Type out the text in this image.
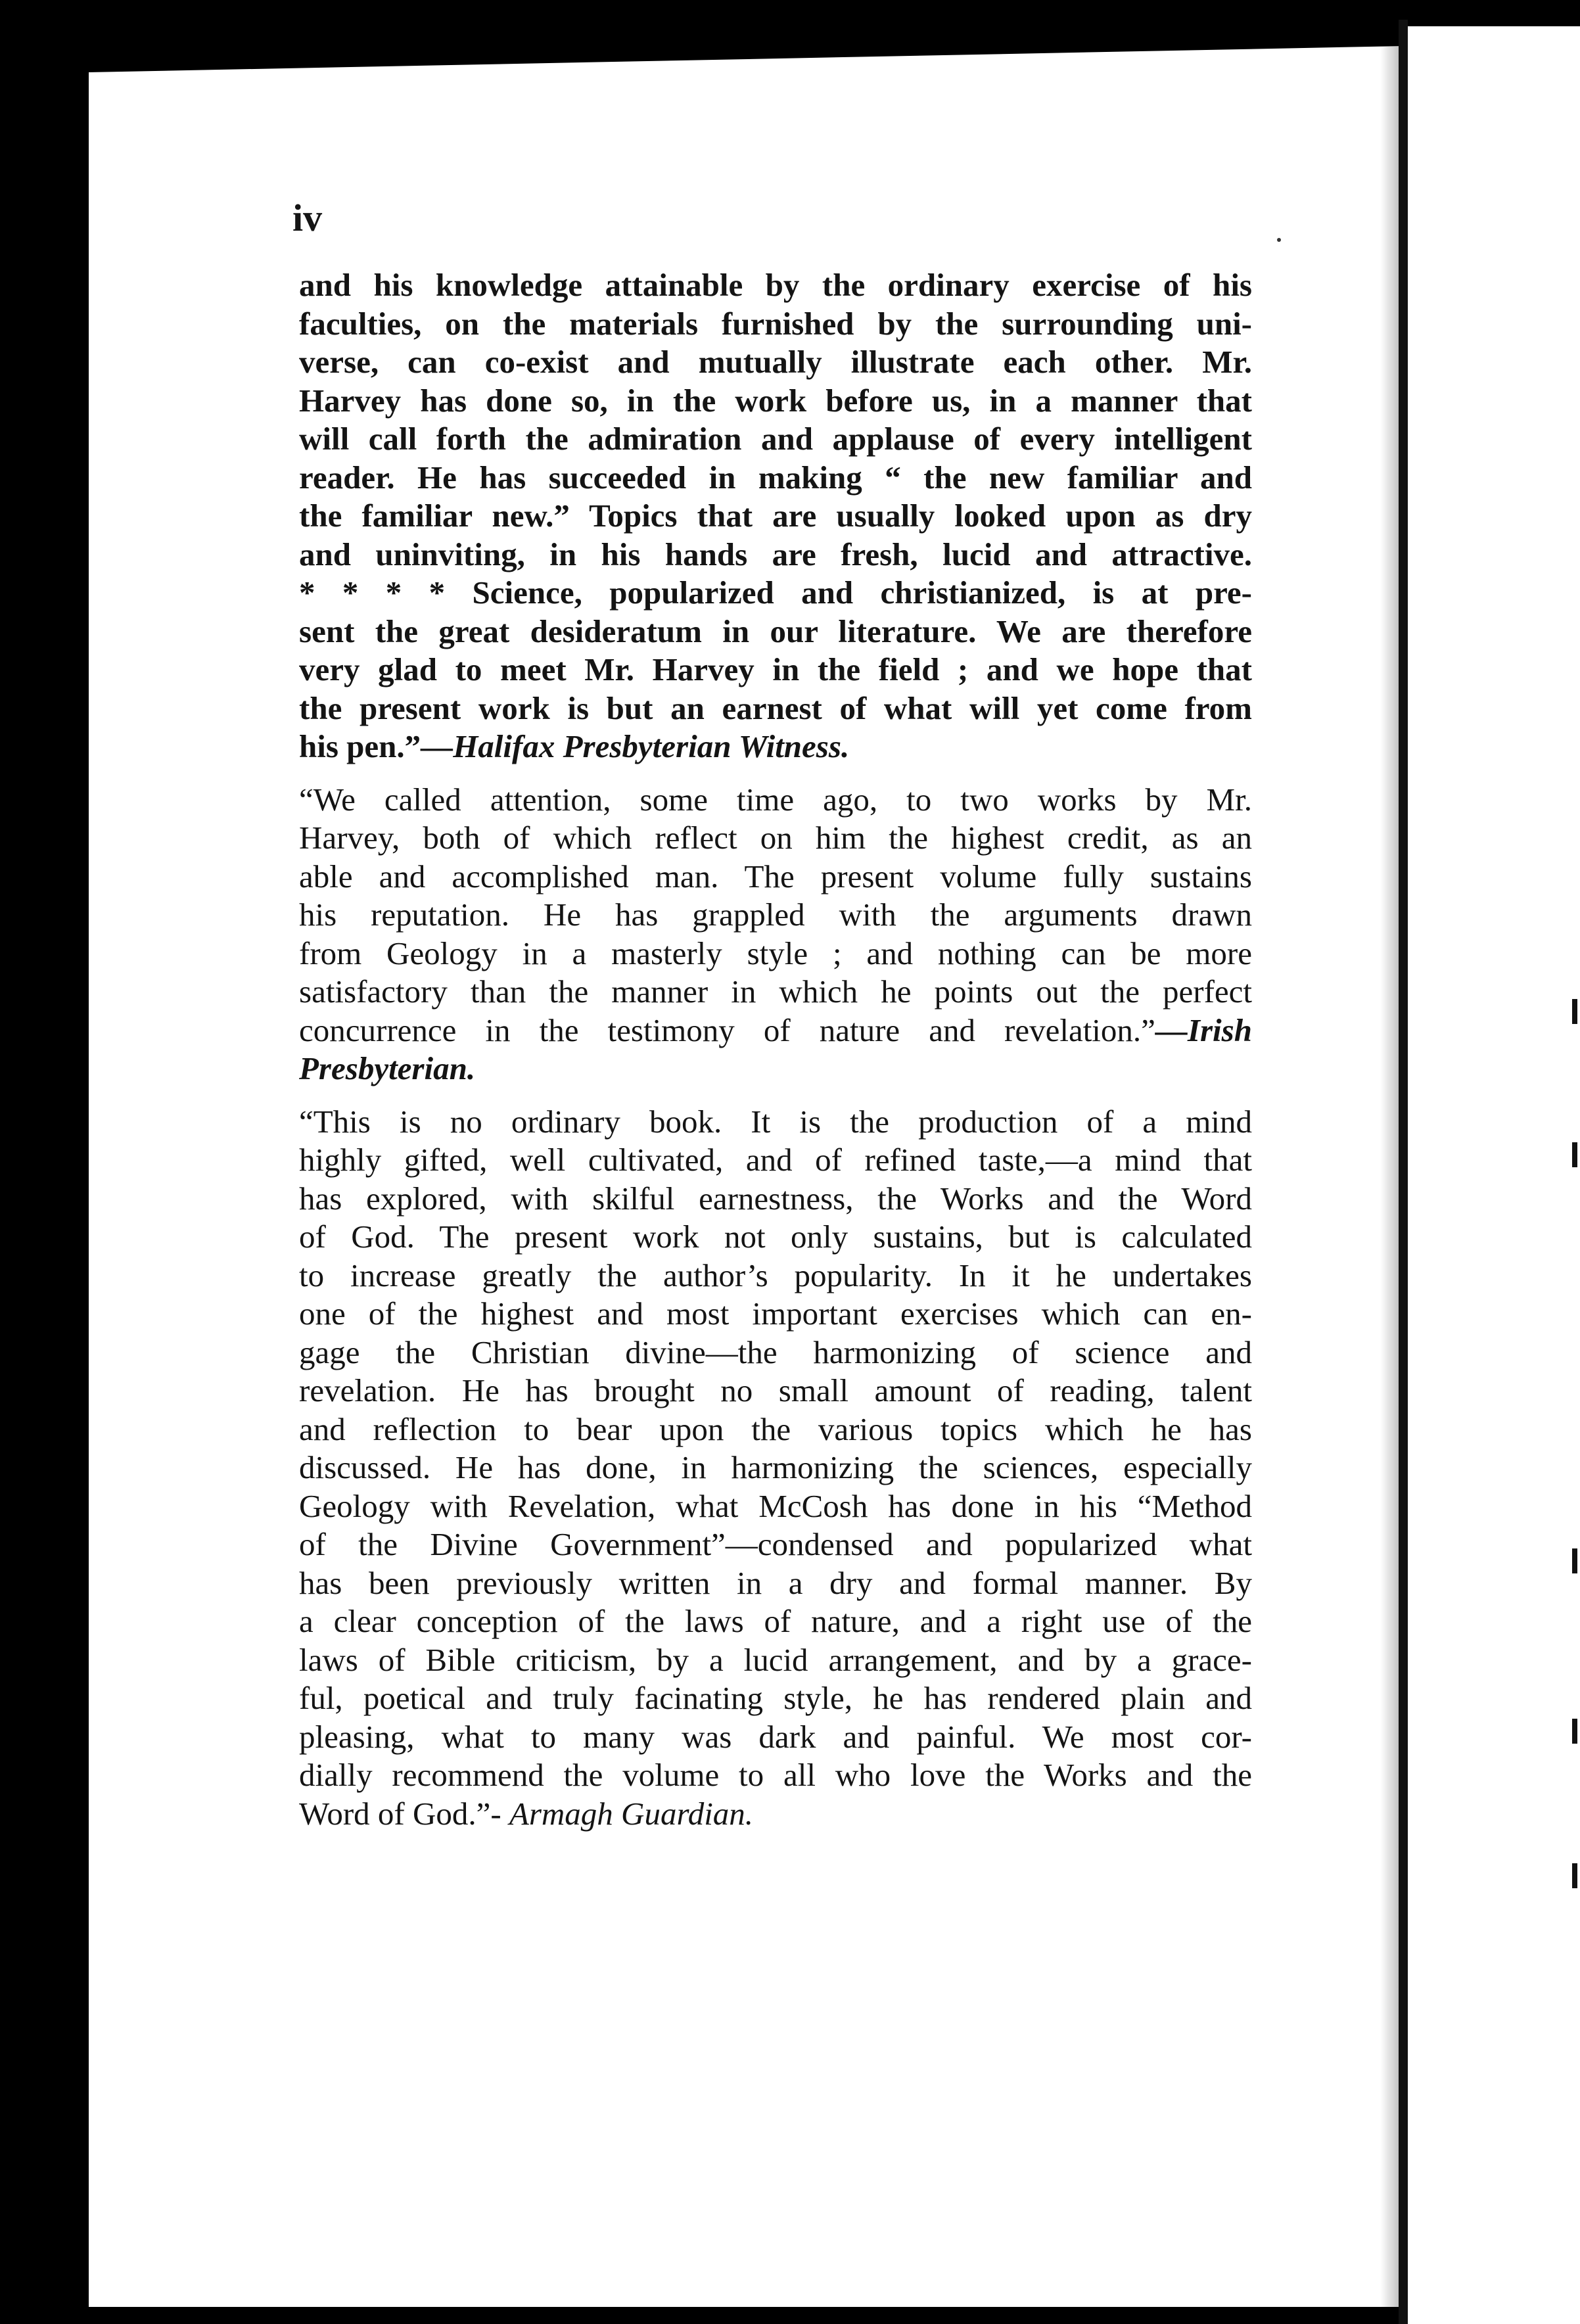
iv

and his knowledge attainable by the ordinary exercise of his
faculties, on the materials furnished by the surrounding uni-
verse, can co-exist and mutually illustrate each other. Mr.
Harvey has done so, in the work before us, in a manner that
will call forth the admiration and applause of every intelligent
reader. He has succeeded in making “ the new familiar and
the familiar new.” Topics that are usually looked upon as dry
and uninviting, in his hands are fresh, lucid and attractive.
* * * * Science, popularized and christianized, is at pre-
sent the great desideratum in our literature. We are therefore
very glad to meet Mr. Harvey in the field ; and we hope that
the present work is but an earnest of what will yet come from
his pen.”—Halifax Presbyterian Witness.
“We called attention, some time ago, to two works by Mr.
Harvey, both of which reflect on him the highest credit, as an
able and accomplished man. The present volume fully sustains
his reputation. He has grappled with the arguments drawn
from Geology in a masterly style ; and nothing can be more
satisfactory than the manner in which he points out the perfect
concurrence in the testimony of nature and revelation.”—Irish
Presbyterian.
“This is no ordinary book. It is the production of a mind
highly gifted, well cultivated, and of refined taste,—a mind that
has explored, with skilful earnestness, the Works and the Word
of God. The present work not only sustains, but is calculated
to increase greatly the author’s popularity. In it he undertakes
one of the highest and most important exercises which can en-
gage the Christian divine—the harmonizing of science and
revelation. He has brought no small amount of reading, talent
and reflection to bear upon the various topics which he has
discussed. He has done, in harmonizing the sciences, especially
Geology with Revelation, what McCosh has done in his “Method
of the Divine Government”—condensed and popularized what
has been previously written in a dry and formal manner. By
a clear conception of the laws of nature, and a right use of the
laws of Bible criticism, by a lucid arrangement, and by a grace-
ful, poetical and truly facinating style, he has rendered plain and
pleasing, what to many was dark and painful. We most cor-
dially recommend the volume to all who love the Works and the
Word of God.”- Armagh Guardian.
